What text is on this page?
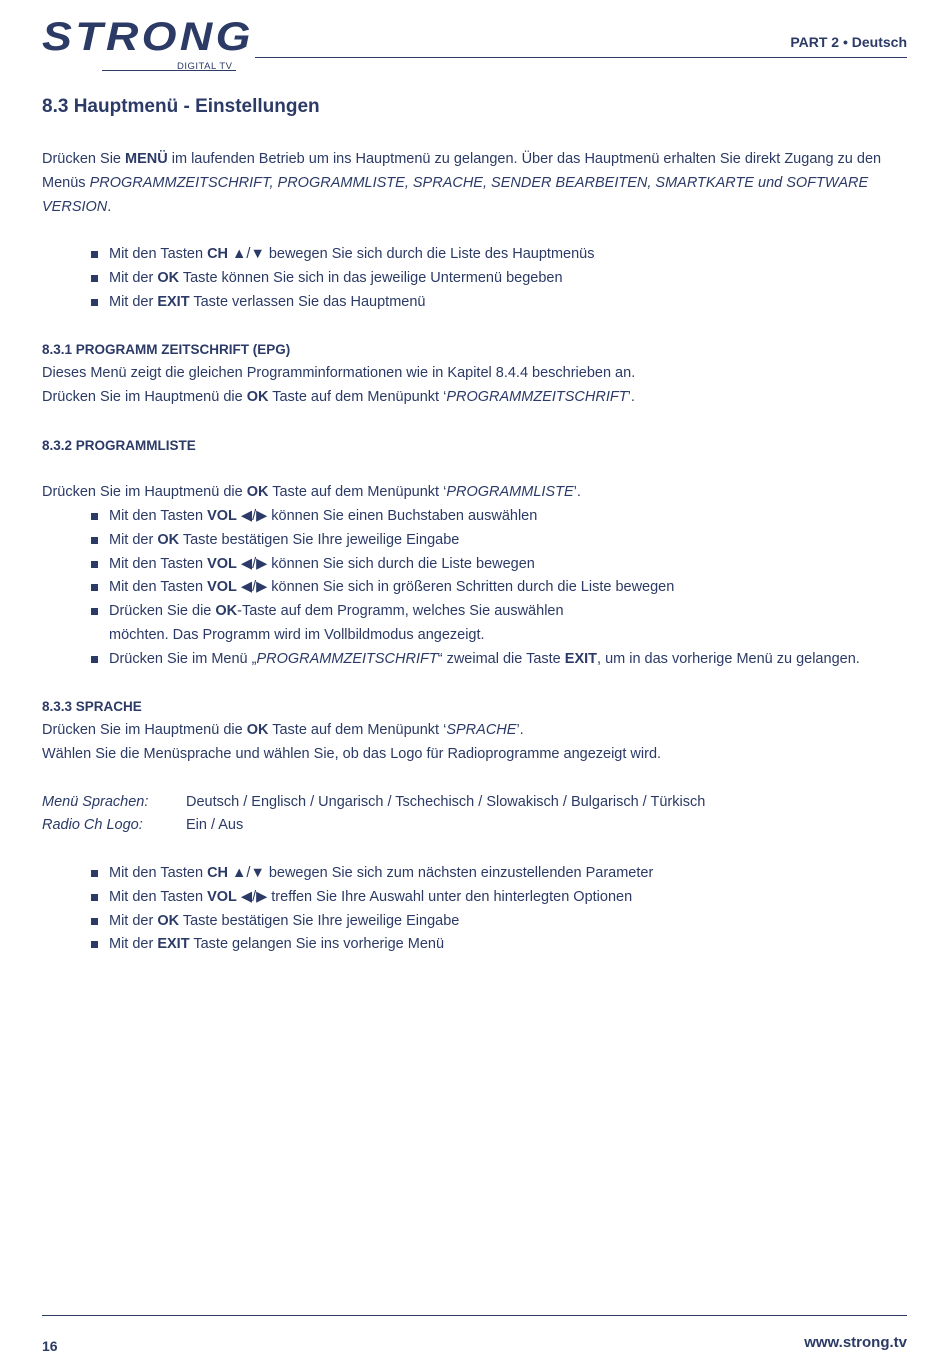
STRONG
DIGITAL TV
PART 2 • Deutsch
8.3 Hauptmenü - Einstellungen

Drücken Sie MENÜ im laufenden Betrieb um ins Hauptmenü zu gelangen. Über das Hauptmenü erhalten Sie direkt Zugang zu den Menüs PROGRAMMZEITSCHRIFT, PROGRAMMLISTE, SPRACHE, SENDER BEARBEITEN, SMARTKARTE und SOFTWARE VERSION.

Mit den Tasten CH ▲/▼ bewegen Sie sich durch die Liste des Hauptmenüs
Mit der OK Taste können Sie sich in das jeweilige Untermenü begeben
Mit der EXIT Taste verlassen Sie das Hauptmenü
8.3.1 PROGRAMM ZEITSCHRIFT (EPG)

Dieses Menü zeigt die gleichen Programminformationen wie in Kapitel 8.4.4 beschrieben an.

Drücken Sie im Hauptmenü die OK Taste auf dem Menüpunkt ‘PROGRAMMZEITSCHRIFT’.

8.3.2 PROGRAMMLISTE

Drücken Sie im Hauptmenü die OK Taste auf dem Menüpunkt ‘PROGRAMMLISTE’.

Mit den Tasten VOL ◀/▶ können Sie einen Buchstaben auswählen
Mit der OK Taste bestätigen Sie Ihre jeweilige Eingabe
Mit den Tasten VOL ◀/▶ können Sie sich durch die Liste bewegen
Mit den Tasten VOL ◀/▶ können Sie sich in größeren Schritten durch die Liste bewegen
Drücken Sie die OK-Taste auf dem Programm, welches Sie auswählen
möchten. Das Programm wird im Vollbildmodus angezeigt.
Drücken Sie im Menü „PROGRAMMZEITSCHRIFT“ zweimal die Taste EXIT, um in das vorherige Menü zu gelangen.
8.3.3 SPRACHE

Drücken Sie im Hauptmenü die OK Taste auf dem Menüpunkt ‘SPRACHE’.

Wählen Sie die Menüsprache und wählen Sie, ob das Logo für Radioprogramme angezeigt wird.

Menü Sprachen:	Deutsch / Englisch / Ungarisch / Tschechisch / Slowakisch / Bulgarisch / Türkisch
Radio Ch Logo:	Ein / Aus
Mit den Tasten CH ▲/▼ bewegen Sie sich zum nächsten einzustellenden Parameter
Mit den Tasten VOL ◀/▶ treffen Sie Ihre Auswahl unter den hinterlegten Optionen
Mit der OK Taste bestätigen Sie Ihre jeweilige Eingabe
Mit der EXIT Taste gelangen Sie ins vorherige Menü
16	www.strong.tv
